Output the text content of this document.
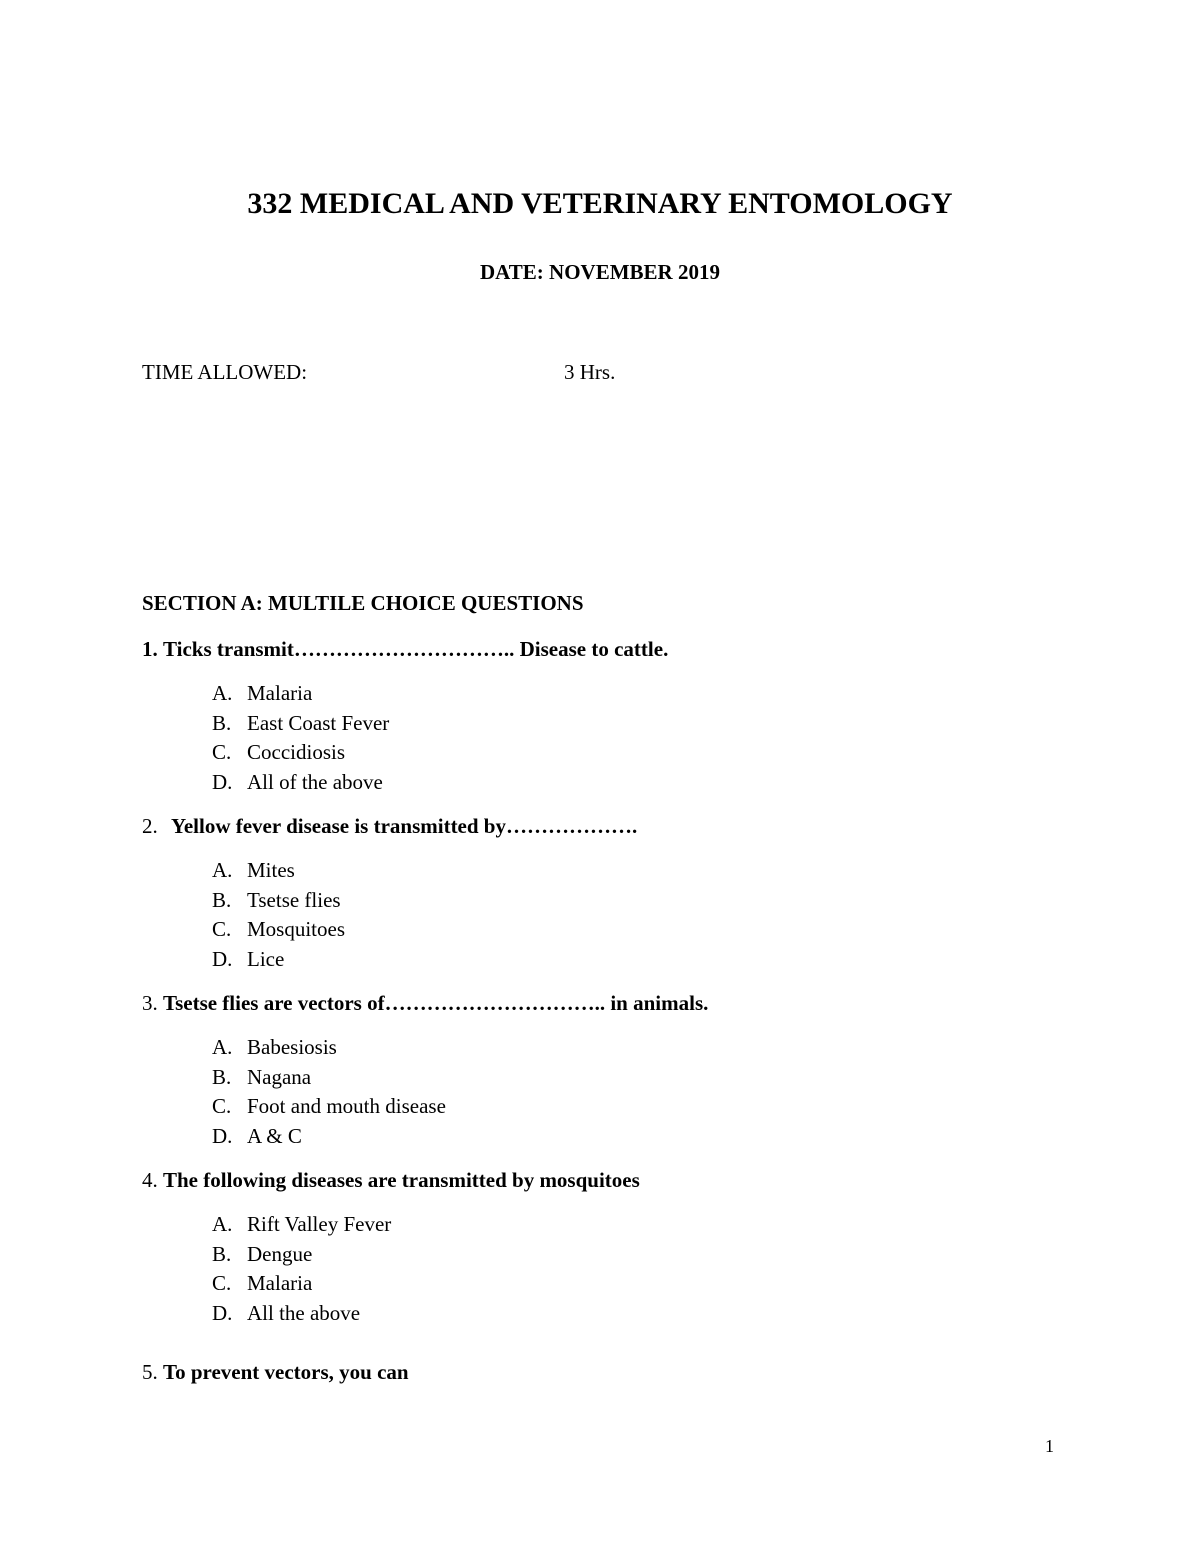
332 MEDICAL AND VETERINARY ENTOMOLOGY
DATE: NOVEMBER 2019
TIME ALLOWED:	3 Hrs.
SECTION A: MULTILE CHOICE QUESTIONS
1. Ticks transmit………………………….. Disease to cattle.
A. Malaria
B. East Coast Fever
C. Coccidiosis
D. All of the above
2. Yellow fever disease is transmitted by……………….
A. Mites
B. Tsetse flies
C. Mosquitoes
D. Lice
3. Tsetse flies are vectors of………………………….. in animals.
A. Babesiosis
B. Nagana
C. Foot and mouth disease
D. A & C
4. The following diseases are transmitted by mosquitoes
A. Rift Valley Fever
B. Dengue
C. Malaria
D. All the above
5. To prevent vectors, you can
1
